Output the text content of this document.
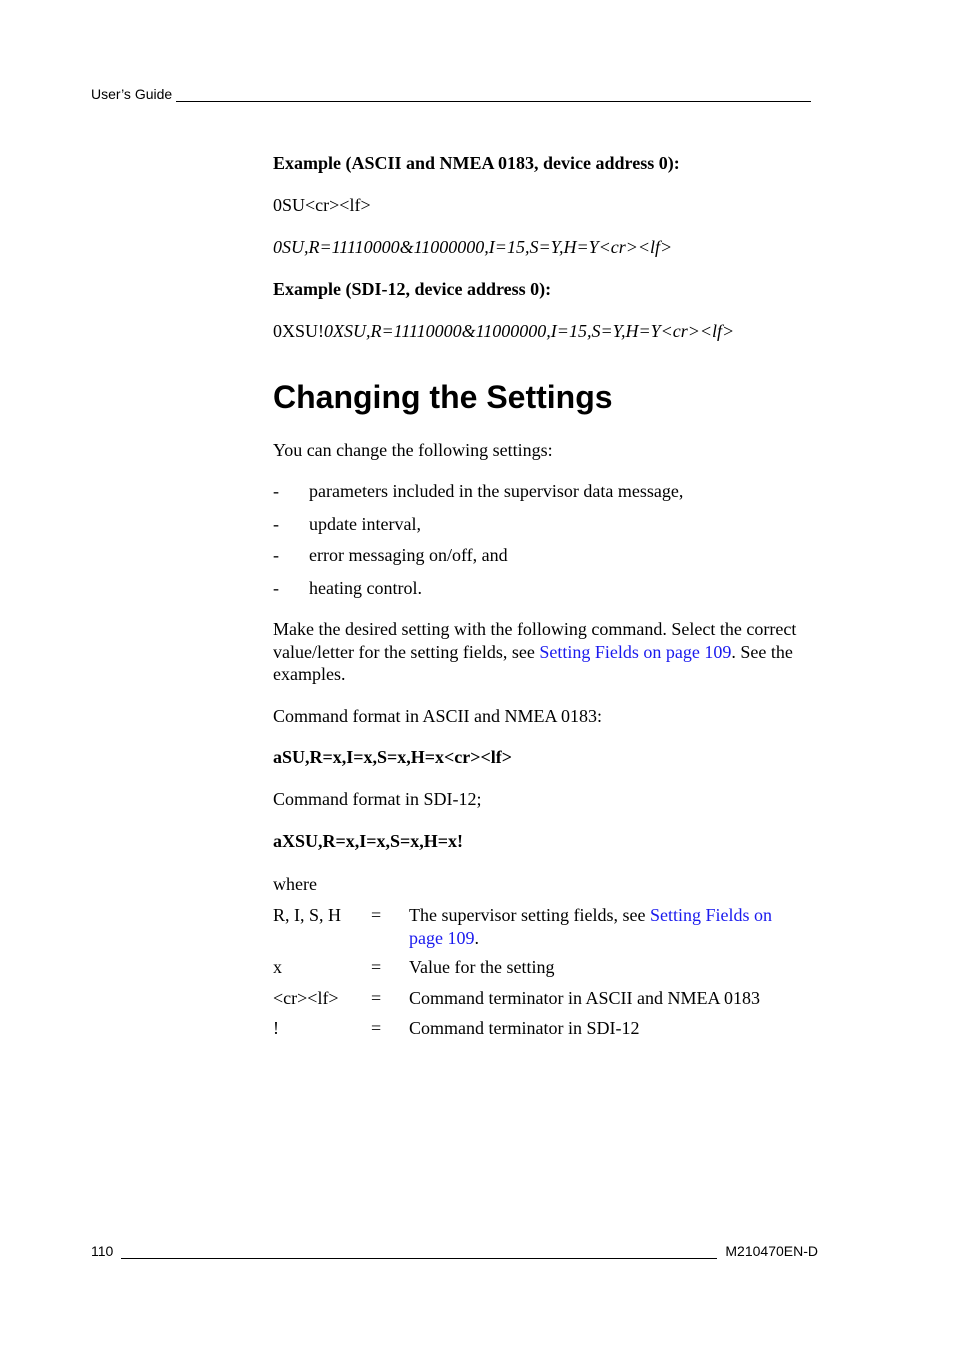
User’s Guide

Example (ASCII and NMEA 0183, device address 0):

0SU<cr><lf>

0SU,R=11110000&11000000,I=15,S=Y,H=Y<cr><lf>

Example (SDI-12, device address 0):

0XSU!0XSU,R=11110000&11000000,I=15,S=Y,H=Y<cr><lf>

Changing the Settings

You can change the following settings:

- parameters included in the supervisor data message,
- update interval,
- error messaging on/off, and
- heating control.

Make the desired setting with the following command. Select the correct value/letter for the setting fields, see Setting Fields on page 109. See the examples.

Command format in ASCII and NMEA 0183:

aSU,R=x,I=x,S=x,H=x<cr><lf>

Command format in SDI-12;

aXSU,R=x,I=x,S=x,H=x!

where

R, I, S, H = The supervisor setting fields, see Setting Fields on page 109.
x	= Value for the setting
<cr><lf> = Command terminator in ASCII and NMEA 0183
!	= Command terminator in SDI-12
110	M210470EN-D
